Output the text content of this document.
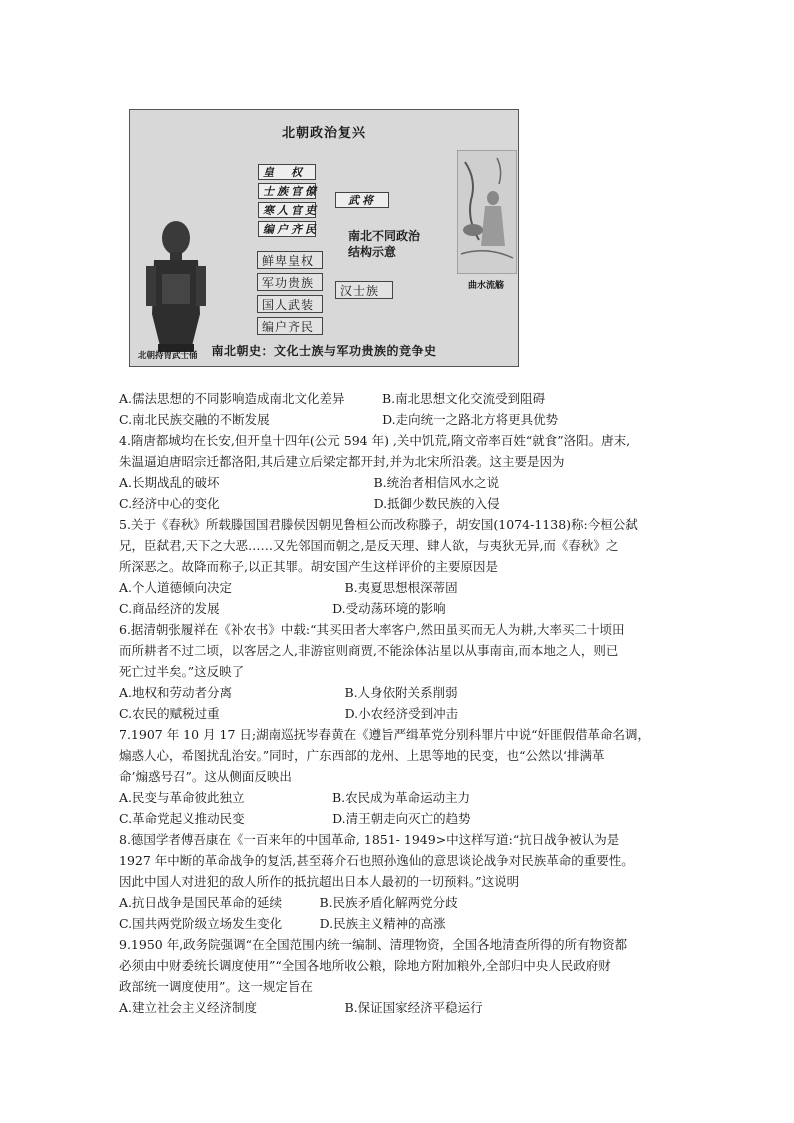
北朝政治复兴
北朝持胄武士俑
曲水流觞
皇　权
士族官僚
寒人官吏
编户齐民
武将
南北不同政治
结构示意
鲜卑皇权
军功贵族
国人武装
编户齐民
汉士族
南北朝史：文化士族与军功贵族的竞争史
A.儒法思想的不同影响造成南北文化差异　　　B.南北思想文化交流受到阻碍
C.南北民族交融的不断发展　　　　　　　　　D.走向统一之路北方将更具优势
4.隋唐都城均在长安,但开皇十四年(公元 594 年) ,关中饥荒,隋文帝率百姓“就食”洛阳。唐末,
朱温逼迫唐昭宗迁都洛阳,其后建立后梁定都开封,并为北宋所沿袭。这主要是因为
A.长期战乱的破坏　　　　　　　　　　　　 B.统治者相信风水之说
C.经济中心的变化　　　　　　　　　　　　 D.抵御少数民族的入侵
5.关于《春秋》所载滕国国君滕侯因朝见鲁桓公而改称滕子，胡安国(1074-1138)称:今桓公弑
兄，臣弑君,天下之大恶……又先邻国而朝之,是反天理、肆人欲，与夷狄无异,而《春秋》之
所深恶之。故降而称子,以正其罪。胡安国产生这样评价的主要原因是
A.个人道德倾向决定　　　　　　　　　B.夷夏思想根深蒂固
C.商品经济的发展　　　　　　　　　D.受动荡环境的影响
6.据清朝张履祥在《补农书》中载:“其买田者大率客户,然田虽买而无人为耕,大率买二十顷田
而所耕者不过二顷，以客居之人,非游宦则商贾,不能涂体沾星以从事南亩,而本地之人，则已
死亡过半矣。”这反映了
A.地权和劳动者分离　　　　　　　　　B.人身依附关系削弱
C.农民的赋税过重　　　　　　　　　　D.小农经济受到冲击
7.1907 年 10 月 17 日;湖南巡抚岑春黄在《遵旨严缉革党分别科罪片中说“奸匪假借革命名调，
煽惑人心，希图扰乱治安。”同时，广东西部的龙州、上思等地的民变，也“公然以‘排满革
命’煽惑号召”。这从侧面反映出
A.民变与革命彼此独立　　　　　　　B.农民成为革命运动主力
C.革命党起义推动民变　　　　　　　D.清王朝走向灭亡的趋势
8.德国学者傅吾康在《一百来年的中国革命, 1851- 1949>中这样写道:“抗日战争被认为是
1927 年中断的革命战争的复活,甚至蒋介石也照孙逸仙的意思谈论战争对民族革命的重要性。
因此中国人对进犯的敌人所作的抵抗超出日本人最初的一切预料。”这说明
A.抗日战争是国民革命的延续　　　B.民族矛盾化解两党分歧
C.国共两党阶级立场发生变化　　　D.民族主义精神的高涨
9.1950 年,政务院强调“在全国范围内统一编制、清理物资，全国各地清查所得的所有物资都
必须由中财委统长调度使用”“全国各地所收公粮，除地方附加粮外,全部归中央人民政府财
政部统一调度使用”。这一规定旨在
A.建立社会主义经济制度　　　　　　　B.保证国家经济平稳运行
